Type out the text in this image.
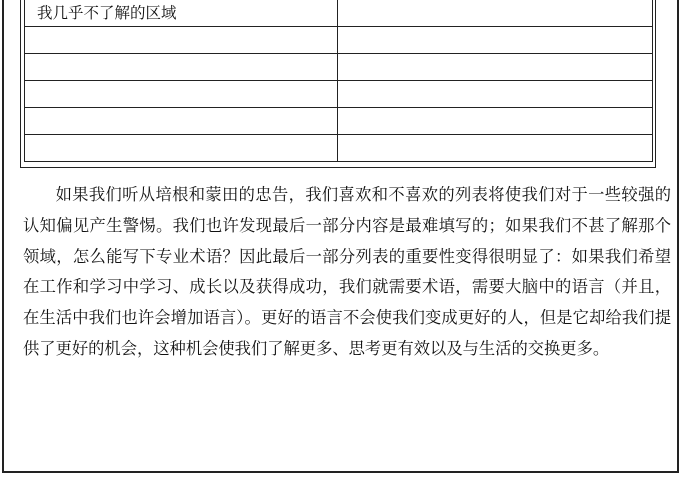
我几乎不了解的区域	

如果我们听从培根和蒙田的忠告，我们喜欢和不喜欢的列表将使我们对于一些较强的认知偏见产生警惕。我们也许发现最后一部分内容是最难填写的；如果我们不甚了解那个领域，怎么能写下专业术语？因此最后一部分列表的重要性变得很明显了：如果我们希望在工作和学习中学习、成长以及获得成功，我们就需要术语，需要大脑中的语言（并且，在生活中我们也许会增加语言）。更好的语言不会使我们变成更好的人，但是它却给我们提供了更好的机会，这种机会使我们了解更多、思考更有效以及与生活的交换更多。
